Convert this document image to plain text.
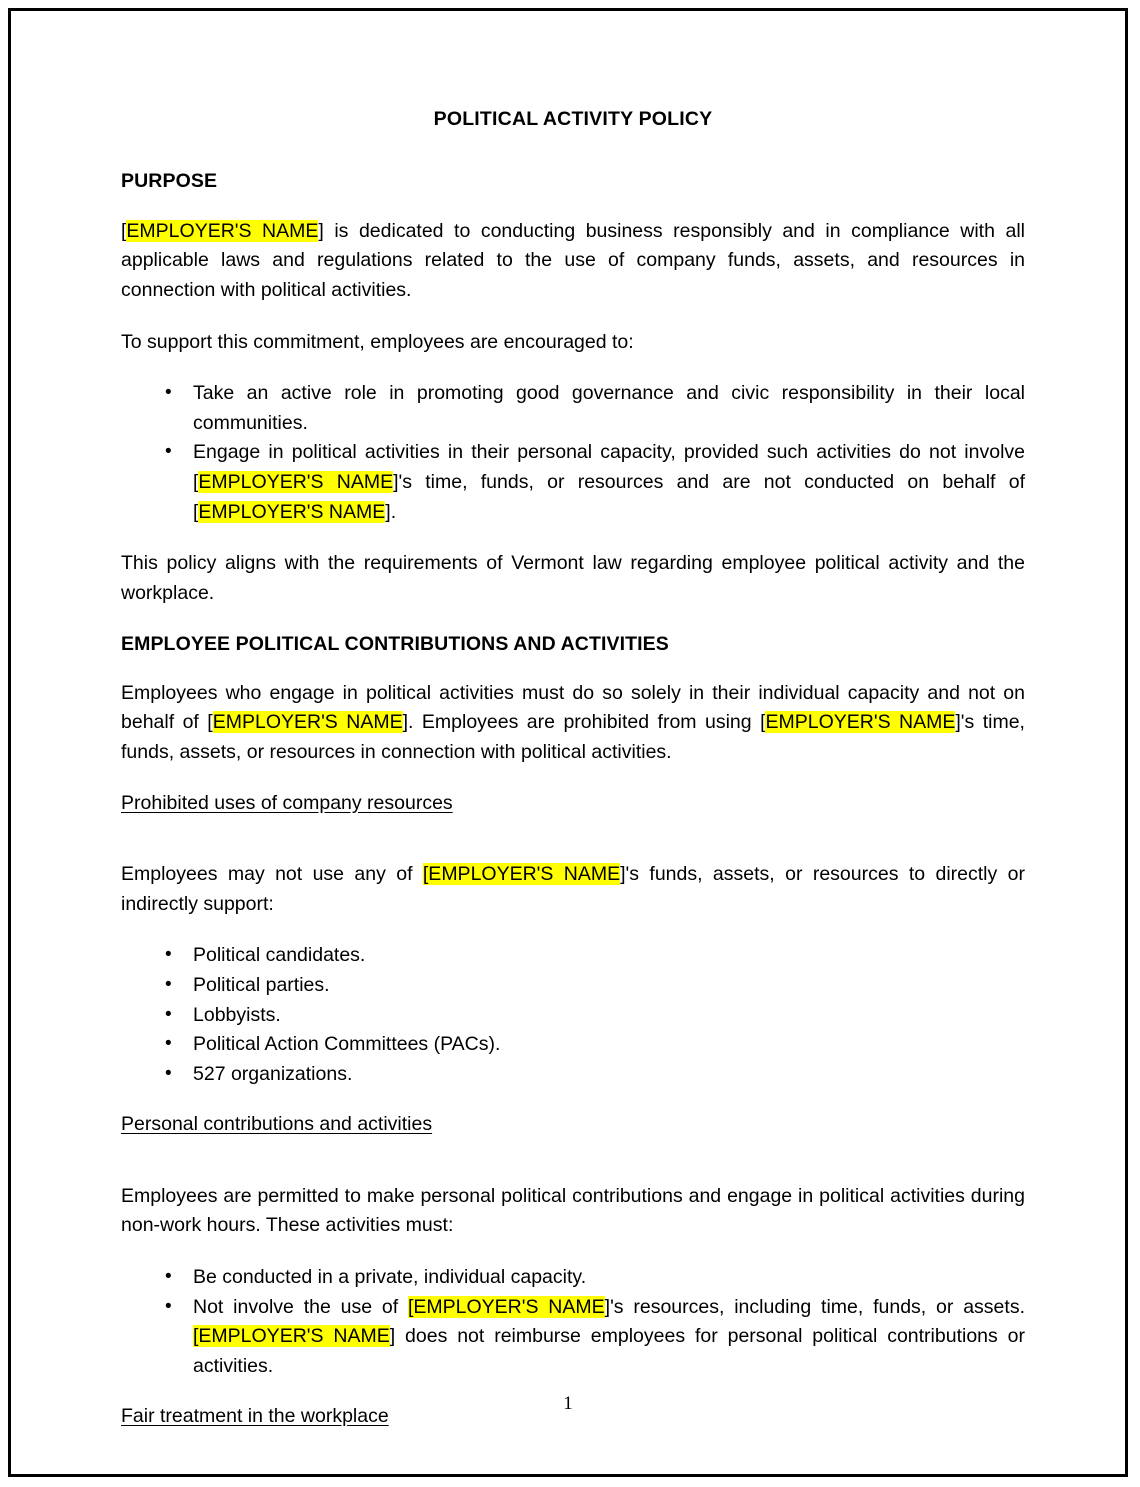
POLITICAL ACTIVITY POLICY
PURPOSE

[EMPLOYER'S NAME] is dedicated to conducting business responsibly and in compliance with all applicable laws and regulations related to the use of company funds, assets, and resources in connection with political activities.

To support this commitment, employees are encouraged to:

• Take an active role in promoting good governance and civic responsibility in their local communities.
• Engage in political activities in their personal capacity, provided such activities do not involve [EMPLOYER'S NAME]'s time, funds, or resources and are not conducted on behalf of [EMPLOYER'S NAME].

This policy aligns with the requirements of Vermont law regarding employee political activity and the workplace.

EMPLOYEE POLITICAL CONTRIBUTIONS AND ACTIVITIES

Employees who engage in political activities must do so solely in their individual capacity and not on behalf of [EMPLOYER'S NAME]. Employees are prohibited from using [EMPLOYER'S NAME]'s time, funds, assets, or resources in connection with political activities.

Prohibited uses of company resources

Employees may not use any of [EMPLOYER'S NAME]'s funds, assets, or resources to directly or indirectly support:

• Political candidates.
• Political parties.
• Lobbyists.
• Political Action Committees (PACs).
• 527 organizations.
Personal contributions and activities

Employees are permitted to make personal political contributions and engage in political activities during non-work hours. These activities must:

• Be conducted in a private, individual capacity.
• Not involve the use of [EMPLOYER'S NAME]'s resources, including time, funds, or assets. [EMPLOYER'S NAME] does not reimburse employees for personal political contributions or activities.
Fair treatment in the workplace
1
